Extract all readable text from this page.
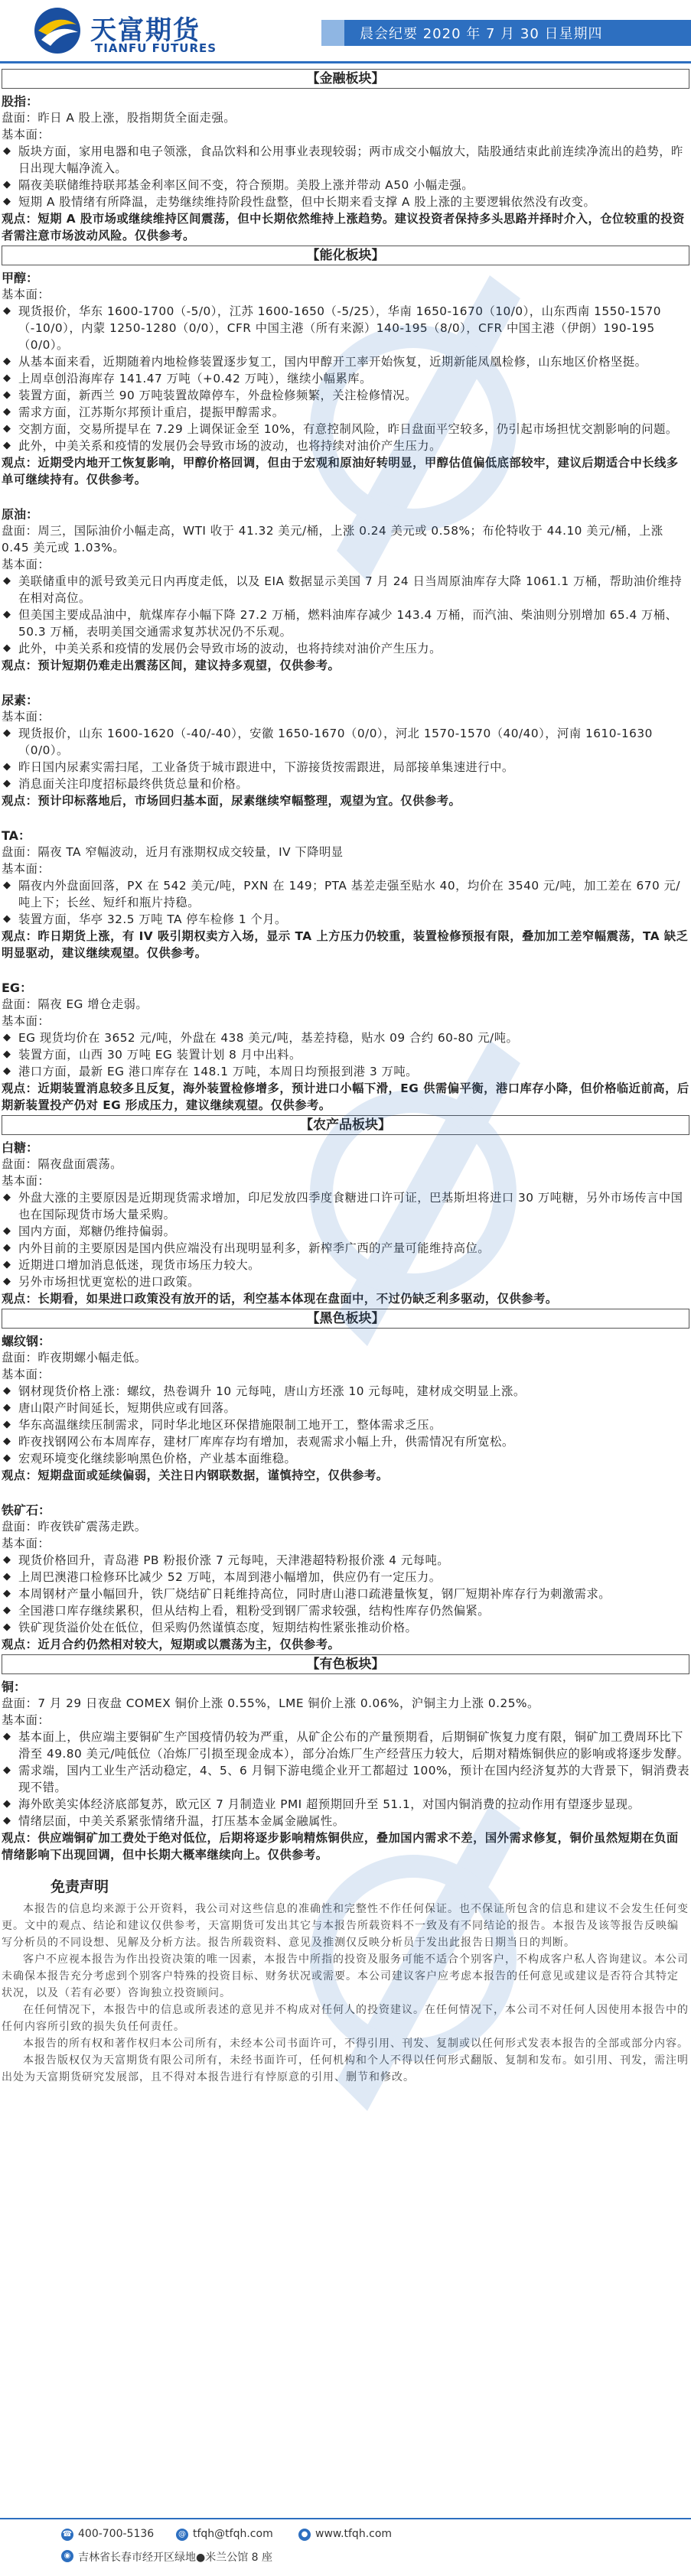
天富期货
TIANFU FUTURES
晨会纪要 2020 年 7 月 30 日星期四
【金融板块】
股指：
盘面：昨日 A 股上涨，股指期货全面走强。
基本面：
◆ 版块方面，家用电器和电子领涨，食品饮料和公用事业表现较弱；两市成交小幅放大，陆股通结束此前连续净流出的趋势，昨日出现大幅净流入。
◆ 隔夜美联储维持联邦基金利率区间不变，符合预期。美股上涨并带动 A50 小幅走强。
◆ 短期 A 股情绪有所降温，走势继续维持阶段性盘整，但中长期来看支撑 A 股上涨的主要逻辑依然没有改变。
观点：短期 A 股市场或继续维持区间震荡，但中长期依然维持上涨趋势。建议投资者保持多头思路并择时介入，仓位较重的投资者需注意市场波动风险。仅供参考。
【能化板块】
甲醇：
基本面：
◆ 现货报价，华东 1600-1700（-5/0），江苏 1600-1650（-5/25），华南 1650-1670（10/0），山东西南 1550-1570（-10/0），内蒙 1250-1280（0/0），CFR 中国主港（所有来源）140-195（8/0），CFR 中国主港（伊朗）190-195（0/0）。
◆ 从基本面来看，近期随着内地检修装置逐步复工，国内甲醇开工率开始恢复，近期新能凤凰检修，山东地区价格坚挺。
◆ 上周卓创沿海库存 141.47 万吨（+0.42 万吨），继续小幅累库。
◆ 装置方面，新西兰 90 万吨装置故障停车，外盘检修频繁，关注检修情况。
◆ 需求方面，江苏斯尔邦预计重启，提振甲醇需求。
◆ 交割方面，交易所提早在 7.29 上调保证金至 10%，有意控制风险，昨日盘面平空较多，仍引起市场担忧交割影响的问题。
◆ 此外，中美关系和疫情的发展仍会导致市场的波动，也将持续对油价产生压力。
观点：近期受内地开工恢复影响，甲醇价格回调，但由于宏观和原油好转明显，甲醇估值偏低底部较牢，建议后期适合中长线多单可继续持有。仅供参考。
原油：
盘面：周三，国际油价小幅走高，WTI 收于 41.32 美元/桶，上涨 0.24 美元或 0.58%；布伦特收于 44.10 美元/桶，上涨 0.45 美元或 1.03%。
基本面：
◆ 美联储重申的派号致美元日内再度走低，以及 EIA 数据显示美国 7 月 24 日当周原油库存大降 1061.1 万桶，帮助油价维持在相对高位。
◆ 但美国主要成品油中，航煤库存小幅下降 27.2 万桶，燃料油库存减少 143.4 万桶，而汽油、柴油则分别增加 65.4 万桶、50.3 万桶，表明美国交通需求复苏状况仍不乐观。
◆ 此外，中美关系和疫情的发展仍会导致市场的波动，也将持续对油价产生压力。
观点：预计短期仍难走出震荡区间，建议持多观望，仅供参考。
尿素：
基本面：
◆ 现货报价，山东 1600-1620（-40/-40），安徽 1650-1670（0/0），河北 1570-1570（40/40），河南 1610-1630（0/0）。
◆ 昨日国内尿素实需扫尾，工业备货于城市跟进中，下游接货按需跟进，局部接单集速进行中。
◆ 消息面关注印度招标最终供货总量和价格。
观点：预计印标落地后，市场回归基本面，尿素继续窄幅整理，观望为宜。仅供参考。
TA：
盘面：隔夜 TA 窄幅波动，近月有涨期权成交较量，IV 下降明显
基本面：
◆ 隔夜内外盘面回落，PX 在 542 美元/吨，PXN 在 149；PTA 基差走强至贴水 40，均价在 3540 元/吨，加工差在 670 元/吨上下；长丝、短纤和瓶片持稳。
◆ 装置方面，华亭 32.5 万吨 TA 停车检修 1 个月。
观点：昨日期货上涨，有 IV 吸引期权卖方入场，显示 TA 上方压力仍较重，装置检修预报有限，叠加加工差窄幅震荡，TA 缺乏明显驱动，建议继续观望。仅供参考。
EG：
盘面：隔夜 EG 增仓走弱。
基本面：
◆ EG 现货均价在 3652 元/吨，外盘在 438 美元/吨，基差持稳，贴水 09 合约 60-80 元/吨。
◆ 装置方面，山西 30 万吨 EG 装置计划 8 月中出料。
◆ 港口方面，最新 EG 港口库存在 148.1 万吨，本周日均预报到港 3 万吨。
观点：近期装置消息较多且反复，海外装置检修增多，预计进口小幅下滑，EG 供需偏平衡，港口库存小降，但价格临近前高，后期新装置投产仍对 EG 形成压力，建议继续观望。仅供参考。
【农产品板块】
白糖：
盘面：隔夜盘面震荡。
基本面：
◆ 外盘大涨的主要原因是近期现货需求增加，印尼发放四季度食糖进口许可证，巴基斯坦将进口 30 万吨糖，另外市场传言中国也在国际现货市场大量采购。
◆ 国内方面，郑糖仍维持偏弱。
◆ 内外目前的主要原因是国内供应端没有出现明显利多，新榨季广西的产量可能维持高位。
◆ 近期进口增加消息低迷，现货市场压力较大。
◆ 另外市场担忧更宽松的进口政策。
观点：长期看，如果进口政策没有放开的话，利空基本体现在盘面中，不过仍缺乏利多驱动，仅供参考。
【黑色板块】
螺纹钢：
盘面：昨夜期螺小幅走低。
基本面：
◆ 钢材现货价格上涨：螺纹，热卷调升 10 元每吨，唐山方坯涨 10 元每吨，建材成交明显上涨。
◆ 唐山限产时间延长，短期供应或有回落。
◆ 华东高温继续压制需求，同时华北地区环保措施限制工地开工，整体需求乏压。
◆ 昨夜找钢网公布本周库存，建材厂库库存均有增加，表观需求小幅上升，供需情况有所宽松。
◆ 宏观环境变化继续影响黑色价格，产业基本面维稳。
观点：短期盘面或延续偏弱，关注日内钢联数据，谨慎持空，仅供参考。
铁矿石：
盘面：昨夜铁矿震荡走跌。
基本面：
◆ 现货价格回升，青岛港 PB 粉报价涨 7 元每吨，天津港超特粉报价涨 4 元每吨。
◆ 上周巴澳港口检修环比减少 52 万吨，本周到港小幅增加，供应仍有一定压力。
◆ 本周钢材产量小幅回升，铁厂烧结矿日耗维持高位，同时唐山港口疏港量恢复，钢厂短期补库存行为刺激需求。
◆ 全国港口库存继续累积，但从结构上看，粗粉受到钢厂需求较强，结构性库存仍然偏紧。
◆ 铁矿现货溢价处在低位，但采购仍然谨慎态度，短期结构性紧张推动价格。
观点：近月合约仍然相对较大，短期或以震荡为主，仅供参考。
【有色板块】
铜：
盘面：7 月 29 日夜盘 COMEX 铜价上涨 0.55%，LME 铜价上涨 0.06%，沪铜主力上涨 0.25%。
基本面：
◆ 基本面上，供应端主要铜矿生产国疫情仍较为严重，从矿企公布的产量预期看，后期铜矿恢复力度有限，铜矿加工费周环比下滑至 49.80 美元/吨低位（冶炼厂引损至现金成本），部分冶炼厂生产经营压力较大，后期对精炼铜供应的影响或将逐步发酵。
◆ 需求端，国内工业生产活动稳定，4、5、6 月铜下游电缆企业开工都超过 100%，预计在国内经济复苏的大背景下，铜消费表现不错。
◆ 海外欧美实体经济底部复苏，欧元区 7 月制造业 PMI 超预期回升至 51.1，对国内铜消费的拉动作用有望逐步显现。
◆ 情绪层面，中美关系紧张情绪升温，打压基本金属金融属性。
观点：供应端铜矿加工费处于绝对低位，后期将逐步影响精炼铜供应，叠加国内需求不差，国外需求修复，铜价虽然短期在负面情绪影响下出现回调，但中长期大概率继续向上。仅供参考。
免责声明
本报告的信息均来源于公开资料，我公司对这些信息的准确性和完整性不作任何保证。也不保证所包含的信息和建议不会发生任何变更。文中的观点、结论和建议仅供参考，天富期货可发出其它与本报告所载资料不一致及有不同结论的报告。本报告及该等报告反映编写分析员的不同设想、见解及分析方法。报告所载资料、意见及推测仅反映分析员于发出此报告日期当日的判断。
客户不应视本报告为作出投资决策的唯一因素，本报告中所指的投资及服务可能不适合个别客户，不构成客户私人咨询建议。本公司未确保本报告充分考虑到个别客户特殊的投资目标、财务状况或需要。本公司建议客户应考虑本报告的任何意见或建议是否符合其特定状况，以及（若有必要）咨询独立投资顾问。
在任何情况下，本报告中的信息或所表述的意见并不构成对任何人的投资建议。在任何情况下，本公司不对任何人因使用本报告中的任何内容所引致的损失负任何责任。
本报告的所有权和著作权归本公司所有，未经本公司书面许可，不得引用、刊发、复制或以任何形式发表本报告的全部或部分内容。
本报告版权仅为天富期货有限公司所有，未经书面许可，任何机构和个人不得以任何形式翻版、复制和发布。如引用、刊发，需注明出处为天富期货研究发展部，且不得对本报告进行有悖原意的引用、删节和修改。
☎ 400-700-5136	@ tfqh@tfqh.com	● www.tfqh.com
◉ 吉林省长春市经开区绿地●米兰公馆 8 座
